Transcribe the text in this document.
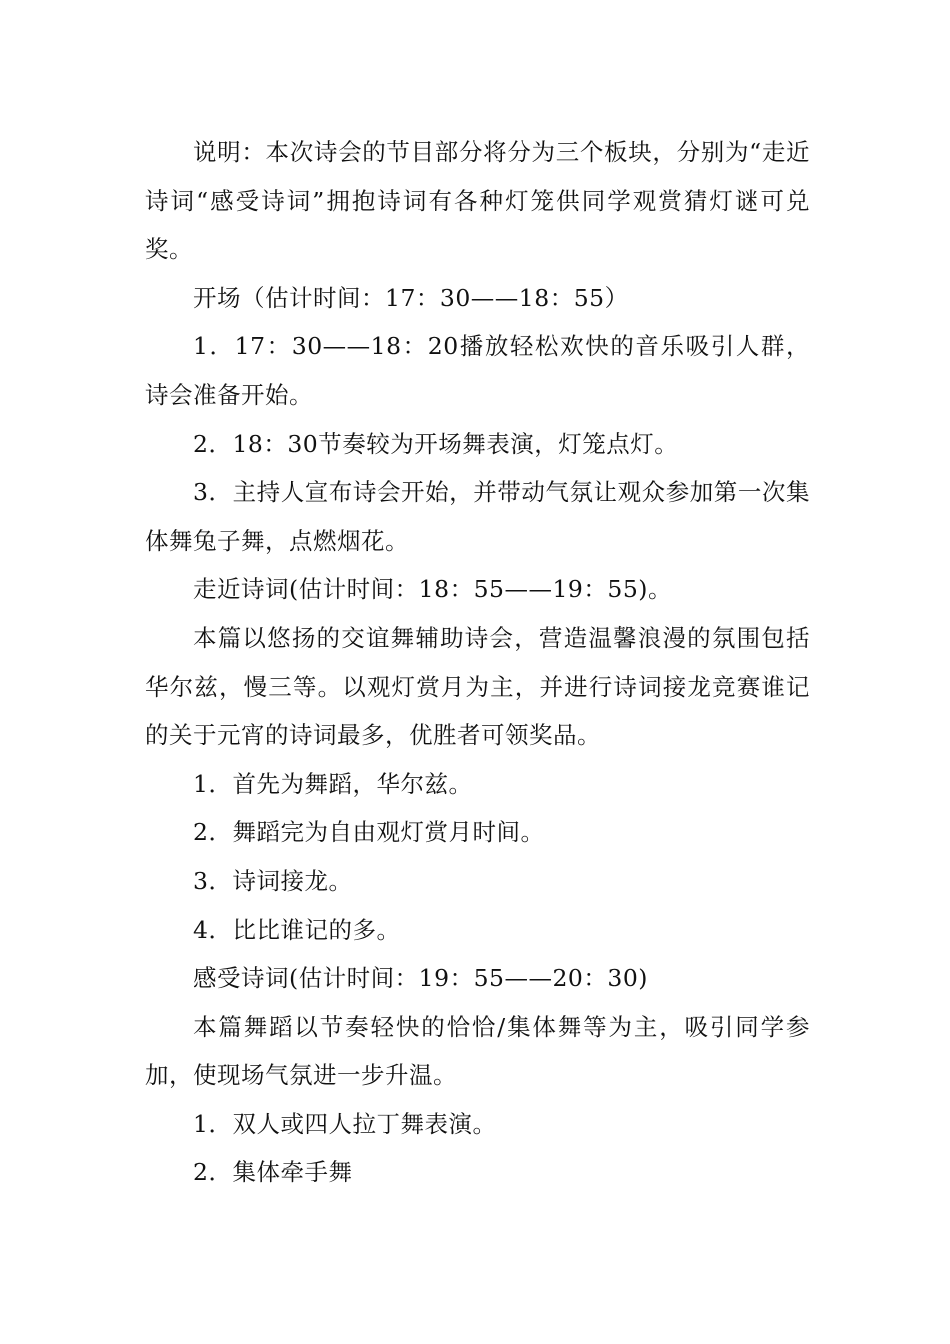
说明：本次诗会的节目部分将分为三个板块，分别为“走近诗词“感受诗词”拥抱诗词有各种灯笼供同学观赏猜灯谜可兑奖。

开场（估计时间：17：30——18：55）

1．17：30——18：20播放轻松欢快的音乐吸引人群，诗会准备开始。

2．18：30节奏较为开场舞表演，灯笼点灯。

3．主持人宣布诗会开始，并带动气氛让观众参加第一次集体舞兔子舞，点燃烟花。

走近诗词(估计时间：18：55——19：55)。

本篇以悠扬的交谊舞辅助诗会，营造温馨浪漫的氛围包括华尔兹，慢三等。以观灯赏月为主，并进行诗词接龙竞赛谁记的关于元宵的诗词最多，优胜者可领奖品。

1．首先为舞蹈，华尔兹。

2．舞蹈完为自由观灯赏月时间。

3．诗词接龙。

4．比比谁记的多。

感受诗词(估计时间：19：55——20：30)

本篇舞蹈以节奏轻快的恰恰/集体舞等为主，吸引同学参加，使现场气氛进一步升温。

1．双人或四人拉丁舞表演。

2．集体牵手舞
